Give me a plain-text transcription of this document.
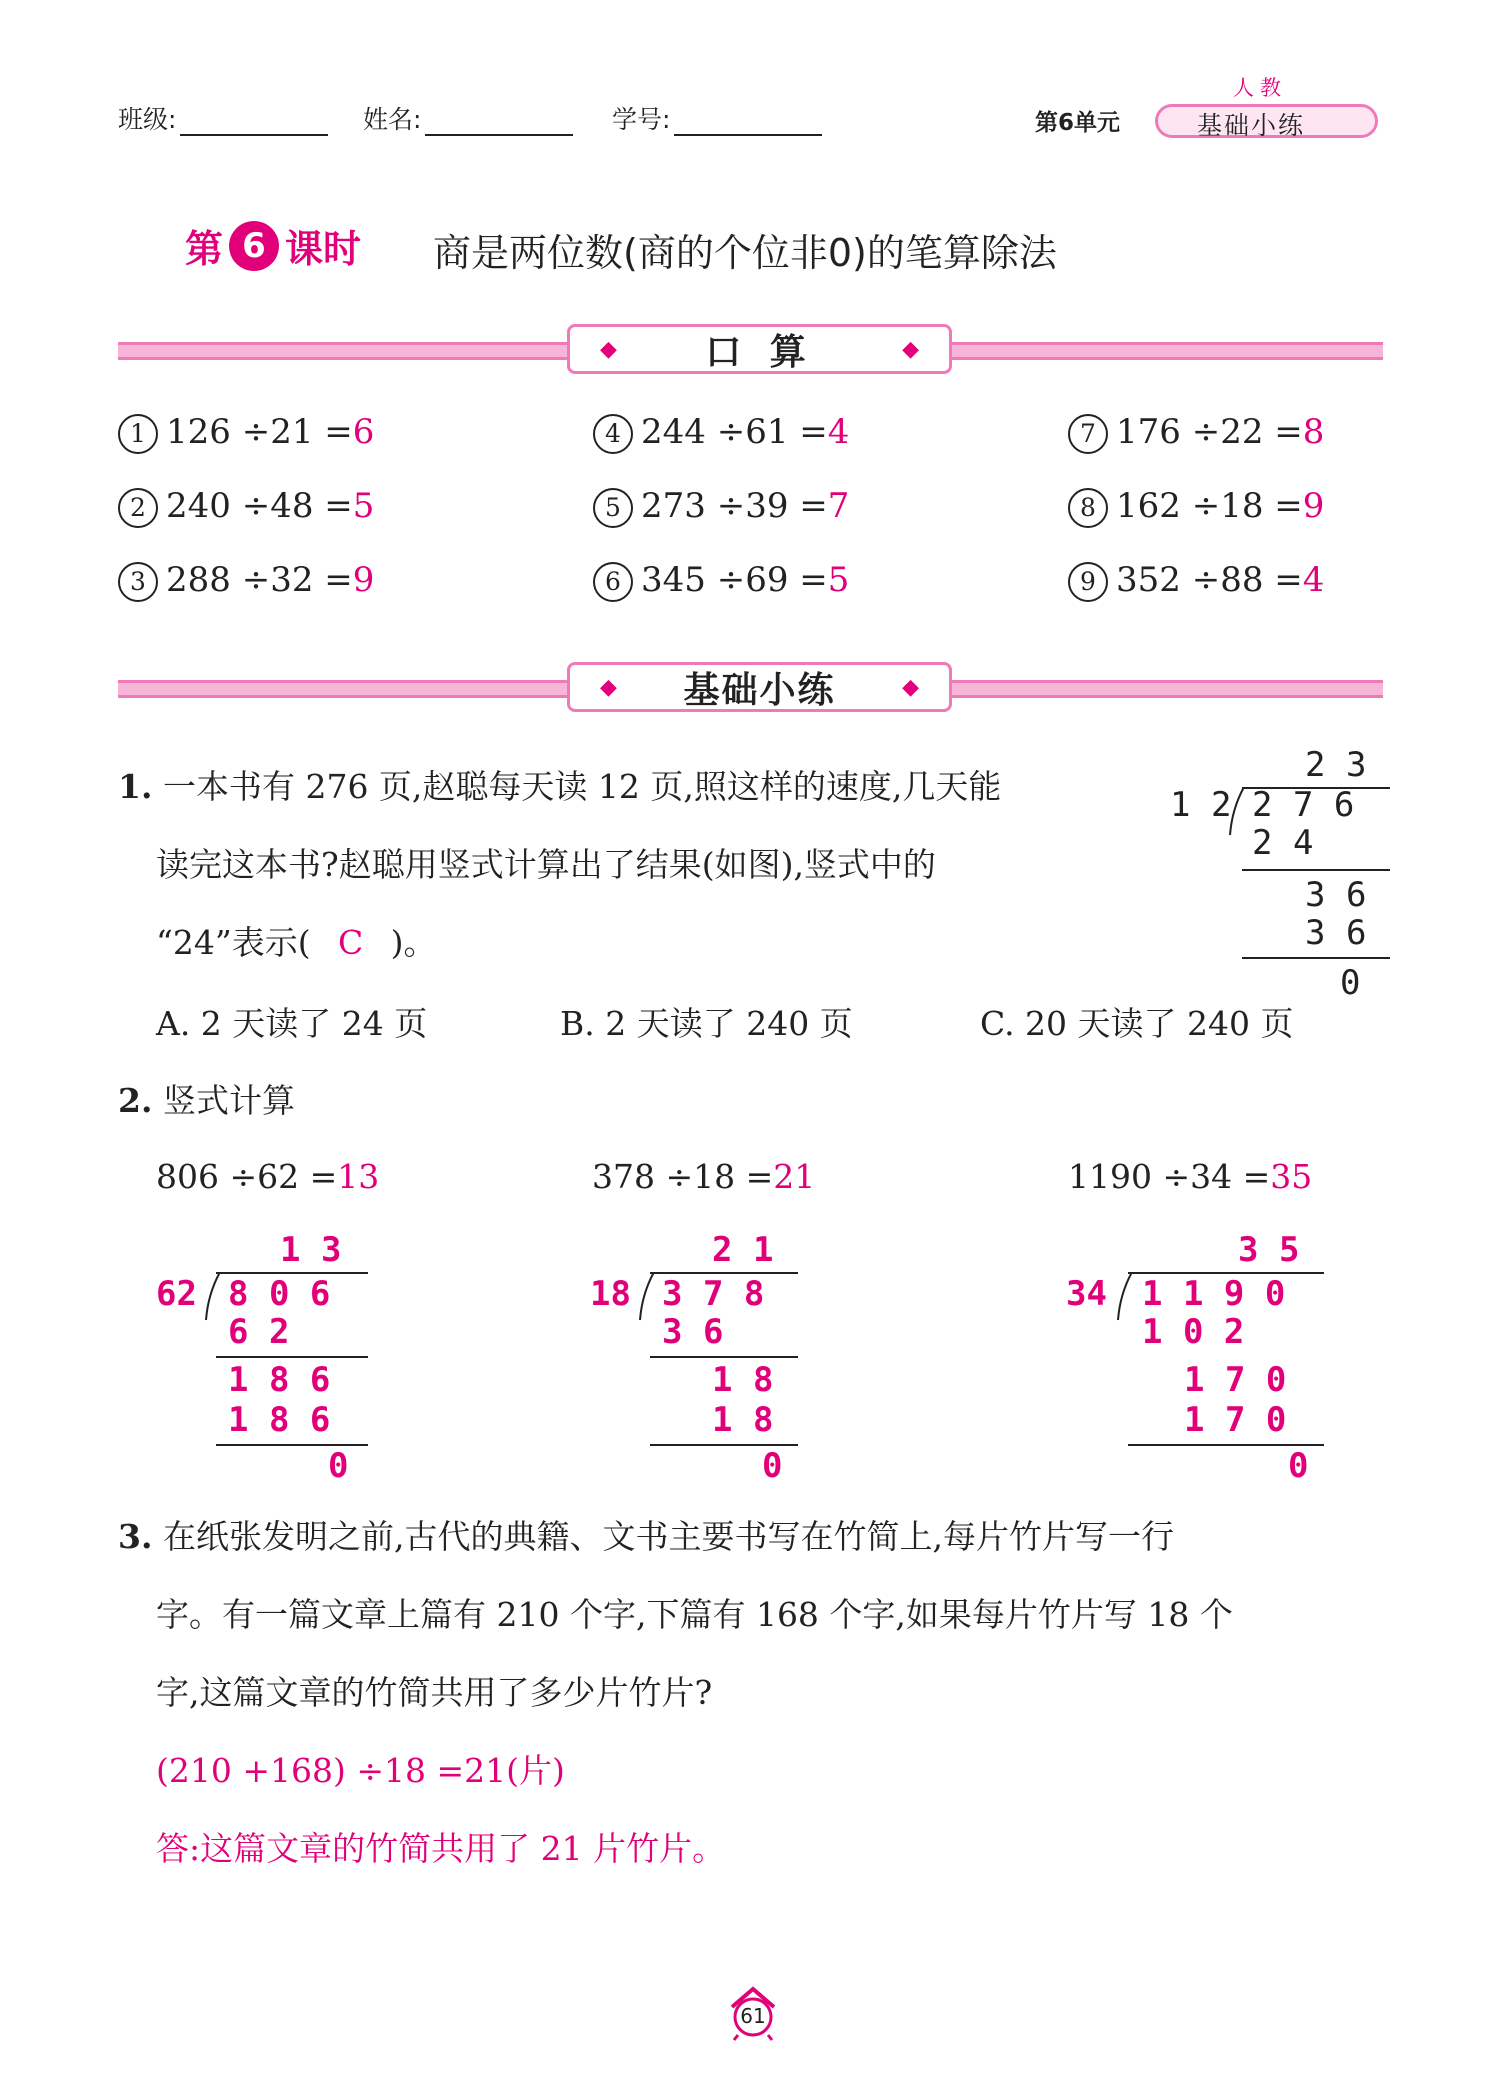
班级:	姓名:	学号:	第6单元
人教
基础小练
第 6 课时 商是两位数(商的个位非0)的笔算除法
◆ 口 算	◆
1 126 ÷21 =6
2 240 ÷48 =5
3 288 ÷32 =9
4 244 ÷61 =4
5 273 ÷39 =7
6 345 ÷69 =5
7 176 ÷22 =8
8 162 ÷18 =9
9 352 ÷88 =4
◆ 基础小练	◆
1. 一本书有 276 页,赵聪每天读 12 页,照这样的速度,几天能
读完这本书?赵聪用竖式计算出了结果(如图),竖式中的
“24”表示( C )。
A. 2 天读了 24 页	B. 2 天读了 240 页	C. 20 天读了 240 页
2 3
1 2 2 7 6
2 4
3 6
3 6
0
2. 竖式计算
806 ÷62 =13	378 ÷18 =21	1190 ÷34 =35
1 3
62 8 0 6
6 2
1 8 6
1 8 6
0
2 1
18 3 7 8
3 6
1 8
1 8
0
3 5
34 1 1 9 0
1 0 2
1 7 0
1 7 0
0
3. 在纸张发明之前,古代的典籍、文书主要书写在竹简上,每片竹片写一行
字。有一篇文章上篇有 210 个字,下篇有 168 个字,如果每片竹片写 18 个
字,这篇文章的竹简共用了多少片竹片?
(210 +168) ÷18 =21(片)
答:这篇文章的竹简共用了 21 片竹片。
61
